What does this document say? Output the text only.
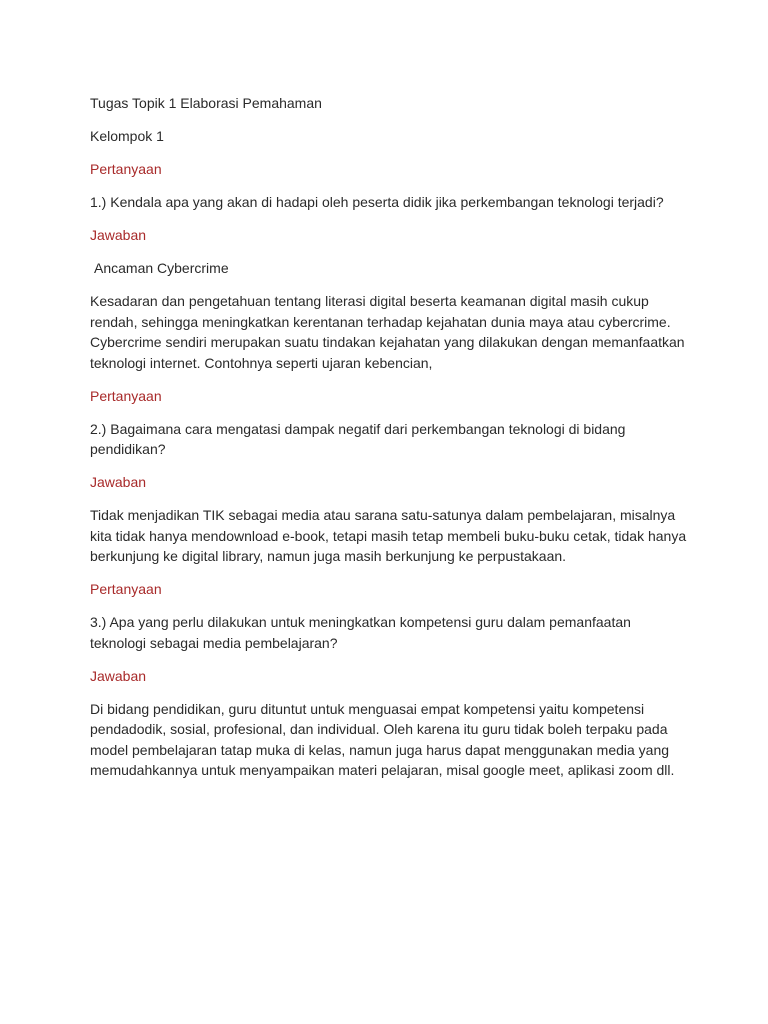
Tugas Topik 1 Elaborasi Pemahaman

Kelompok 1

Pertanyaan

1.) Kendala apa yang akan di hadapi oleh peserta didik jika perkembangan teknologi terjadi?

Jawaban

Ancaman Cybercrime

Kesadaran dan pengetahuan tentang literasi digital beserta keamanan digital masih cukup rendah, sehingga meningkatkan kerentanan terhadap kejahatan dunia maya atau cybercrime. Cybercrime sendiri merupakan suatu tindakan kejahatan yang dilakukan dengan memanfaatkan teknologi internet. Contohnya seperti ujaran kebencian,

Pertanyaan

2.) Bagaimana cara mengatasi dampak negatif dari perkembangan teknologi di bidang pendidikan?

Jawaban

Tidak menjadikan TIK sebagai media atau sarana satu-satunya dalam pembelajaran, misalnya kita tidak hanya mendownload e-book, tetapi masih tetap membeli buku-buku cetak, tidak hanya berkunjung ke digital library, namun juga masih berkunjung ke perpustakaan.

Pertanyaan

3.) Apa yang perlu dilakukan untuk meningkatkan kompetensi guru dalam pemanfaatan teknologi sebagai media pembelajaran?

Jawaban

Di bidang pendidikan, guru dituntut untuk menguasai empat kompetensi yaitu kompetensi pendadodik, sosial, profesional, dan individual. Oleh karena itu guru tidak boleh terpaku pada model pembelajaran tatap muka di kelas, namun juga harus dapat menggunakan media yang memudahkannya untuk menyampaikan materi pelajaran, misal google meet, aplikasi zoom dll.
